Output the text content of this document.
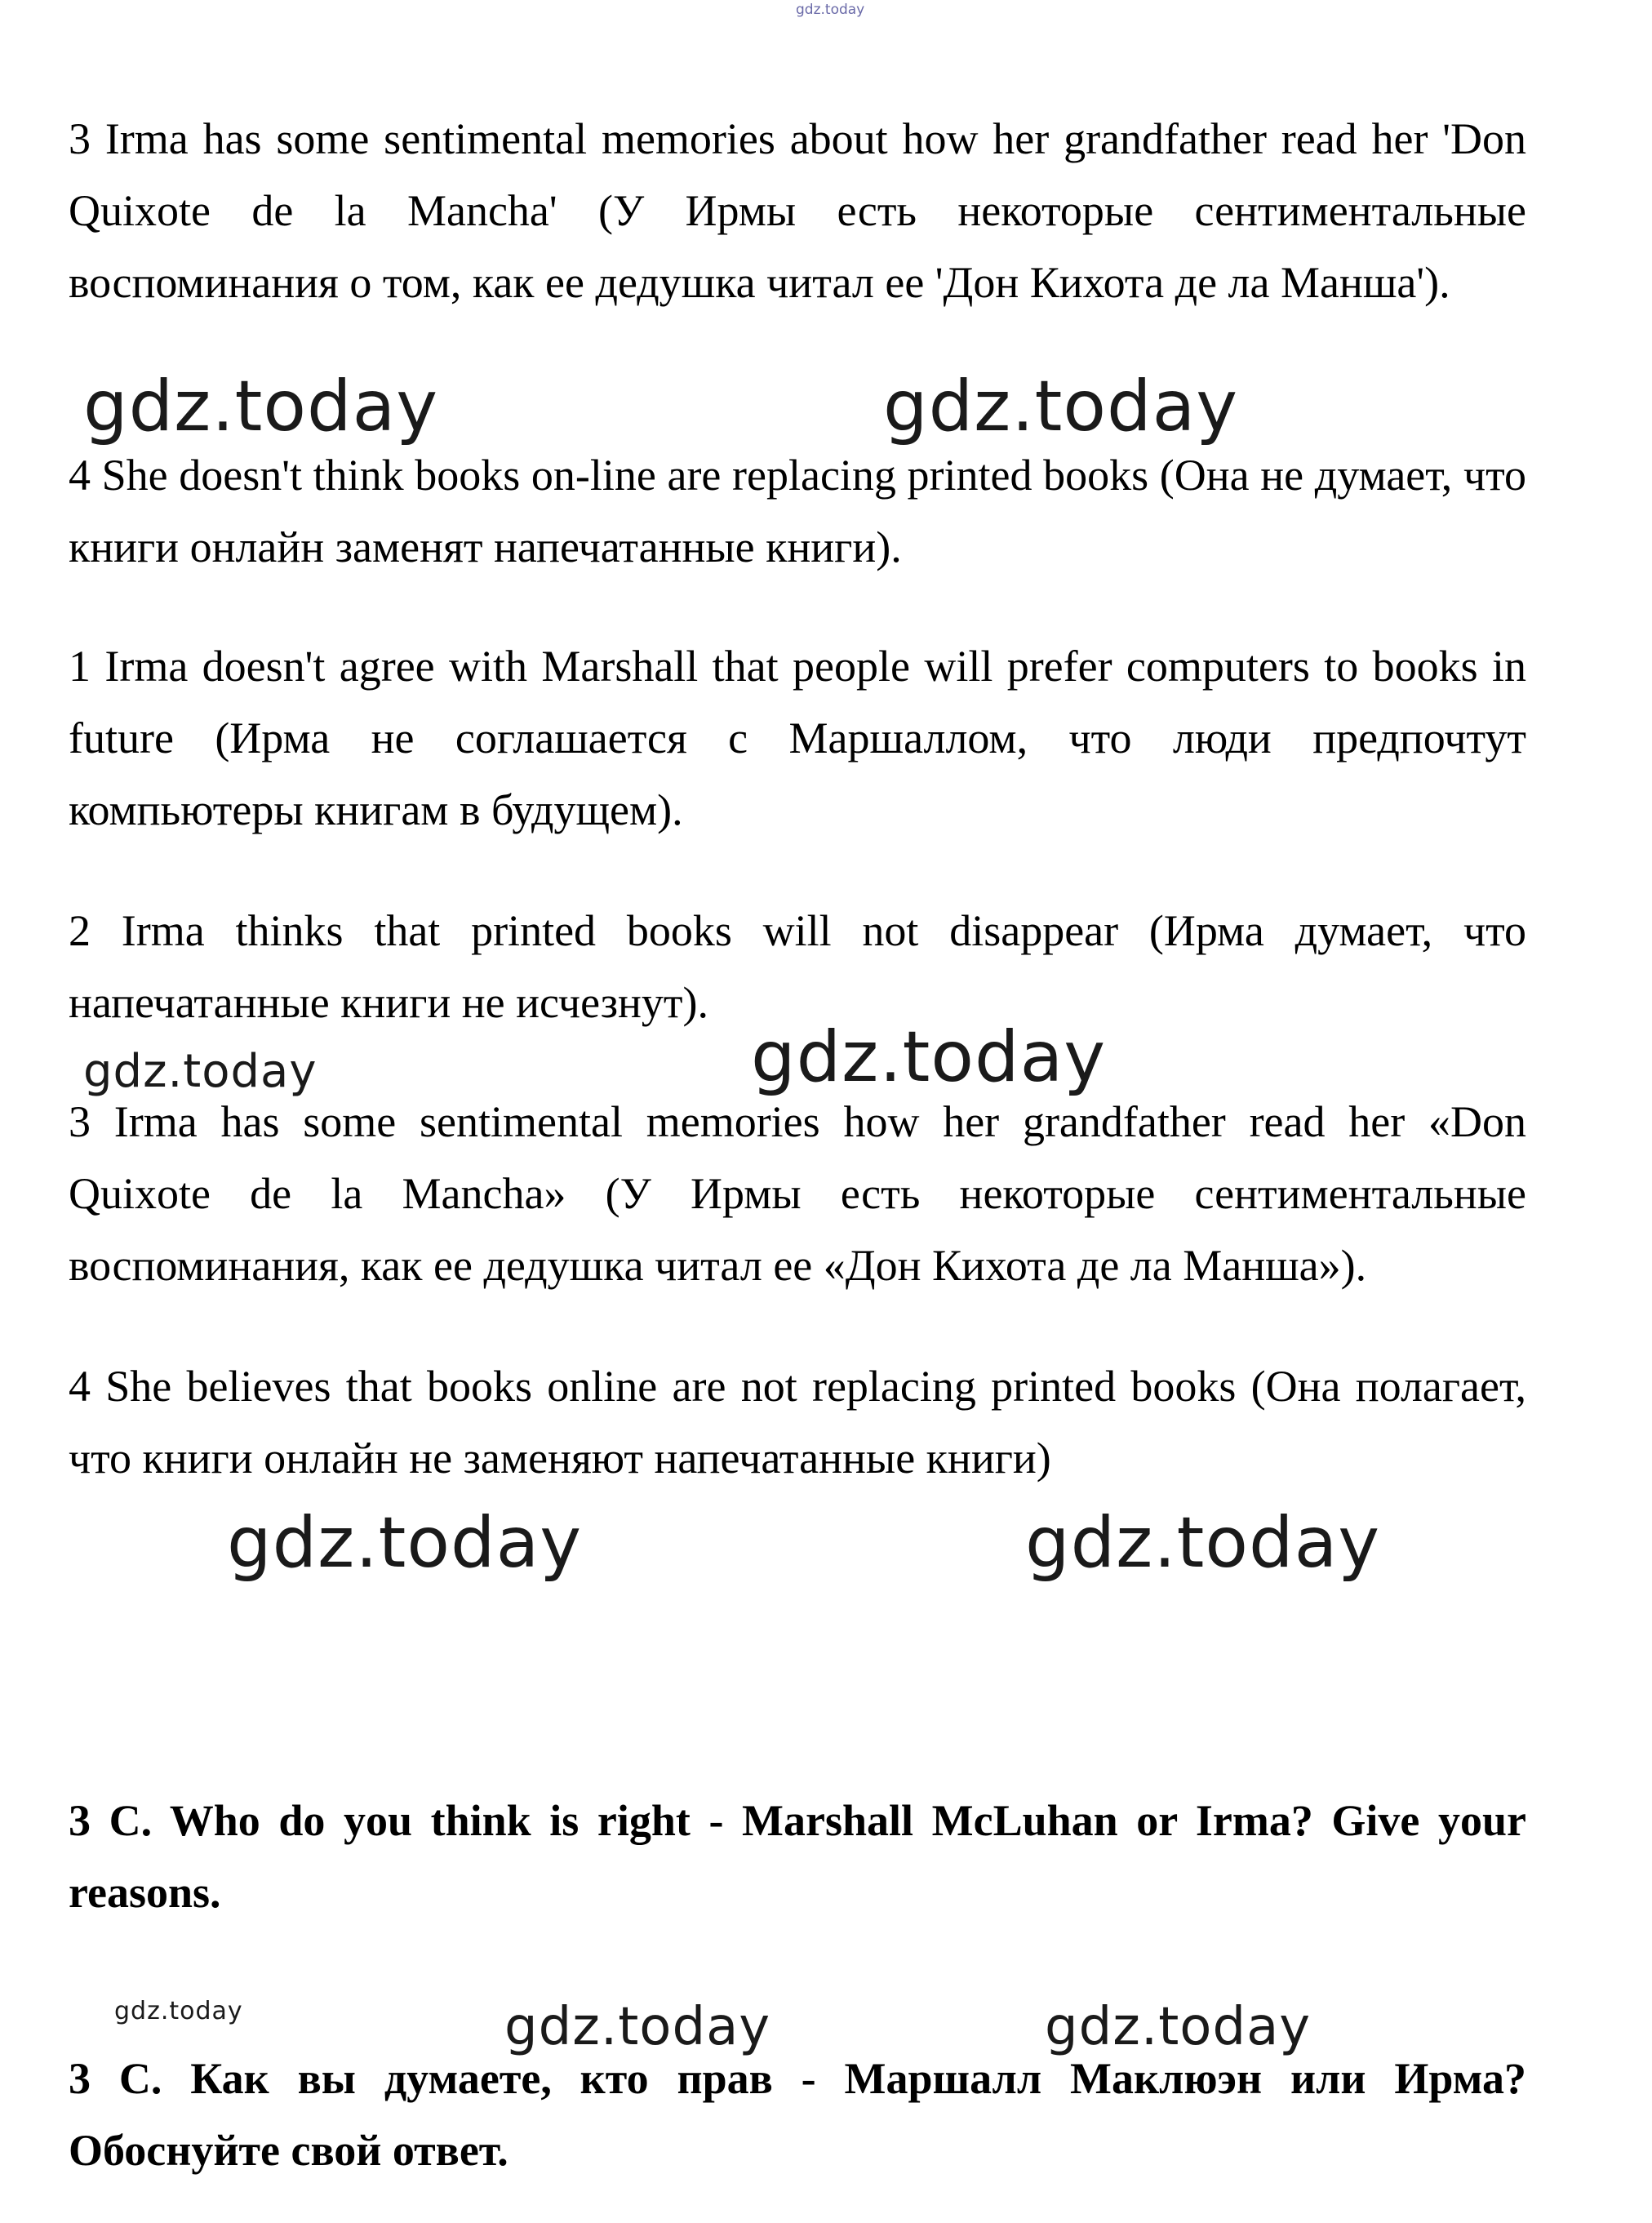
gdz.today

3 Irma has some sentimental memories about how her grandfather read her 'Don Quixote de la Mancha' (У Ирмы есть некоторые сентиментальные воспоминания о том, как ее дедушка читал ее 'Дон Кихота де ла Манша').

gdz.today	gdz.today

4 She doesn't think books on-line are replacing printed books (Она не думает, что книги онлайн заменят напечатанные книги).

1 Irma doesn't agree with Marshall that people will prefer computers to books in future (Ирма не соглашается с Маршаллом, что люди предпочтут компьютеры книгам в будущем).

2 Irma thinks that printed books will not disappear (Ирма думает, что напечатанные книги не исчезнут).

gdz.today	gdz.today

3 Irma has some sentimental memories how her grandfather read her «Don Quixote de la Mancha» (У Ирмы есть некоторые сентиментальные воспоминания, как ее дедушка читал ее «Дон Кихота де ла Манша»).

4 She believes that books online are not replacing printed books (Она полагает, что книги онлайн не заменяют напечатанные книги)

gdz.today	gdz.today

3 C. Who do you think is right - Marshall McLuhan or Irma? Give your reasons.

gdz.today	gdz.today	gdz.today

3 С. Как вы думаете, кто прав - Маршалл Маклюэн или Ирма? Обоснуйте свой ответ.
